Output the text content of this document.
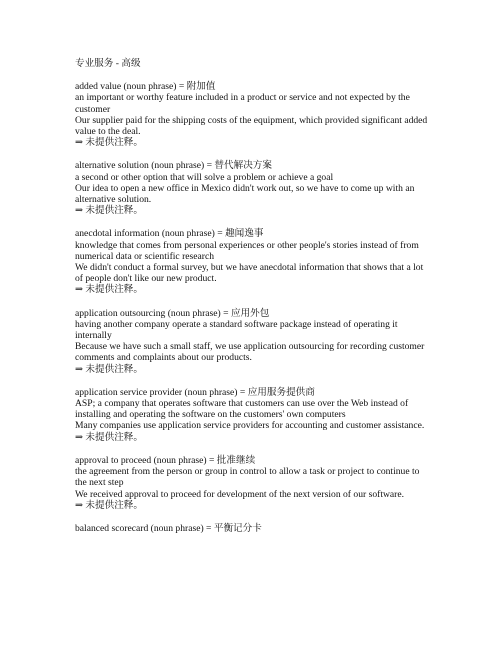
专业服务 - 高级
added value (noun phrase) = 附加值
an important or worthy feature included in a product or service and not expected by the customer
Our supplier paid for the shipping costs of the equipment, which provided significant added value to the deal.
⇒ 未提供注释。
alternative solution (noun phrase) = 替代解决方案
a second or other option that will solve a problem or achieve a goal
Our idea to open a new office in Mexico didn't work out, so we have to come up with an alternative solution.
⇒ 未提供注释。
anecdotal information (noun phrase) = 趣闻逸事
knowledge that comes from personal experiences or other people's stories instead of from numerical data or scientific research
We didn't conduct a formal survey, but we have anecdotal information that shows that a lot of people don't like our new product.
⇒ 未提供注释。
application outsourcing (noun phrase) = 应用外包
having another company operate a standard software package instead of operating it internally
Because we have such a small staff, we use application outsourcing for recording customer comments and complaints about our products.
⇒ 未提供注释。
application service provider (noun phrase) = 应用服务提供商
ASP; a company that operates software that customers can use over the Web instead of installing and operating the software on the customers' own computers
Many companies use application service providers for accounting and customer assistance.
⇒ 未提供注释。
approval to proceed (noun phrase) = 批准继续
the agreement from the person or group in control to allow a task or project to continue to the next step
We received approval to proceed for development of the next version of our software.
⇒ 未提供注释。
balanced scorecard (noun phrase) = 平衡记分卡
